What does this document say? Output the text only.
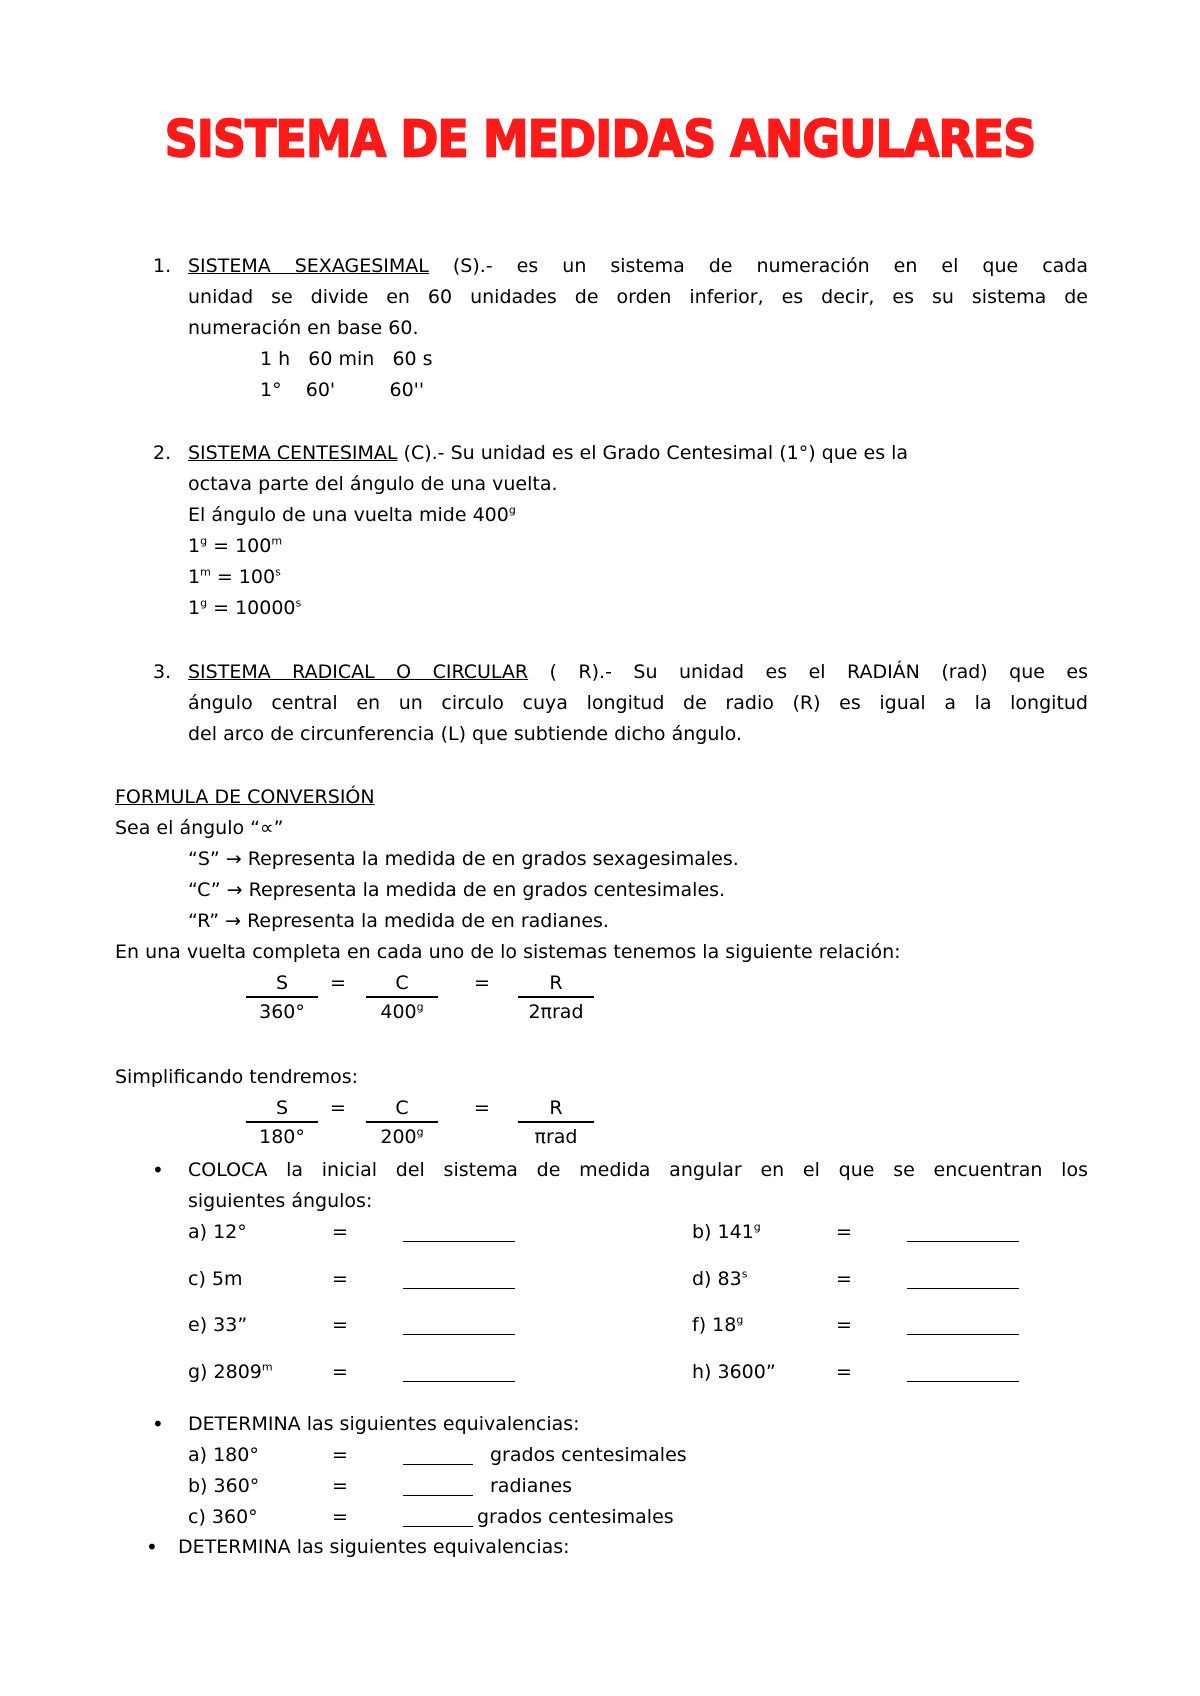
SISTEMA DE MEDIDAS ANGULARES
1. SISTEMA SEXAGESIMAL (S).- es un sistema de numeración en el que cada
unidad se divide en 60 unidades de orden inferior, es decir, es su sistema de
numeración en base 60.
1 h   60 min   60 s
1°    60'         60''
2. SISTEMA CENTESIMAL (C).- Su unidad es el Grado Centesimal (1°) que es la
octava parte del ángulo de una vuelta.
El ángulo de una vuelta mide 400$^g$
$1^g = 100^m$
$1^m = 100^s$
$1^g = 10000^s$
3. SISTEMA RADICAL O CIRCULAR ( R).- Su unidad es el RADIÁN (rad) que es
ángulo central en un circulo cuya longitud de radio (R) es igual a la longitud
del arco de circunferencia (L) que subtiende dicho ángulo.
FORMULA DE CONVERSIÓN
Sea el ángulo “∝”
“S” → Representa la medida de en grados sexagesimales.
“C” → Representa la medida de en grados centesimales.
“R” → Representa la medida de en radianes.
En una vuelta completa en cada uno de lo sistemas tenemos la siguiente relación:
$\frac{S}{360^\circ} = \frac{C}{400^g}$ =	R
2πrad
Simplificando tendremos:
$\frac{S}{180^\circ} = \frac{C}{200^g}$ =	R
πrad
• COLOCA la inicial del sistema de medida angular en el que se encuentran los
siguientes ángulos:
a) 12°	=	b) $141^g$	=
c) 5m	=	d) $83^s$	=
e) 33”	=	f) $18^g$	=
g) $2809^m$	=	h) 3600”	=
• DETERMINA las siguientes equivalencias:
a) 180°	=	grados centesimales
b) 360°	=	radianes
c) 360°	=	grados centesimales
• DETERMINA las siguientes equivalencias:
